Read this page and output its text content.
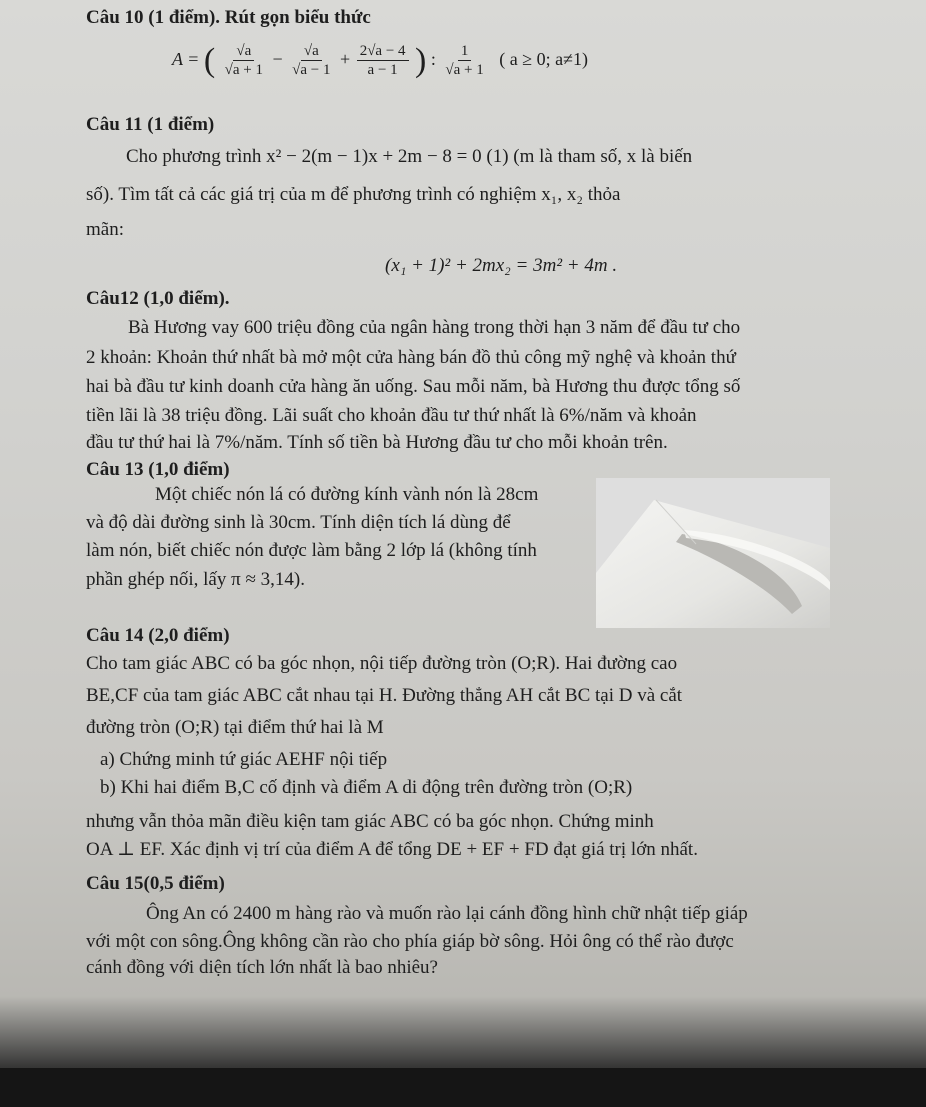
Câu 10 (1 điểm). Rút gọn biểu thức
A = ( $\frac{√a}{√a + 1} - \frac{√a}{√a - 1} + \frac{2√a - 4}{a - 1}$ ) : $\frac{1}{√a + 1}$ ( a ≥ 0; a≠1)
Câu 11 (1 điểm)
Cho phương trình x² − 2(m − 1)x + 2m − 8 = 0 (1) (m là tham số, x là biến
số). Tìm tất cả các giá trị của m để phương trình có nghiệm x₁, x₂ thỏa
mãn:
(x₁ + 1)² + 2mx₂ = 3m² + 4m .
Câu12 (1,0 điểm).
Bà Hương vay 600 triệu đồng của ngân hàng trong thời hạn 3 năm để đầu tư cho
2 khoản: Khoản thứ nhất bà mở một cửa hàng bán đồ thủ công mỹ nghệ và khoản thứ
hai bà đầu tư kinh doanh cửa hàng ăn uống. Sau mỗi năm, bà Hương thu được tổng số
tiền lãi là 38 triệu đồng. Lãi suất cho khoản đầu tư thứ nhất là 6%/năm và khoản
đầu tư thứ hai là 7%/năm. Tính số tiền bà Hương đầu tư cho mỗi khoản trên.
Câu 13 (1,0 điểm)
Một chiếc nón lá có đường kính vành nón là 28cm
và độ dài đường sinh là 30cm. Tính diện tích lá dùng để
làm nón, biết chiếc nón được làm bằng 2 lớp lá (không tính
phần ghép nối, lấy π ≈ 3,14).
Câu 14 (2,0 điểm)
Cho tam giác ABC có ba góc nhọn, nội tiếp đường tròn (O;R). Hai đường cao
BE,CF của tam giác ABC cắt nhau tại H. Đường thẳng AH cắt BC tại D và cắt
đường tròn (O;R) tại điểm thứ hai là M
a) Chứng minh tứ giác AEHF nội tiếp
b) Khi hai điểm B,C cố định và điểm A di động trên đường tròn (O;R)
nhưng vẫn thỏa mãn điều kiện tam giác ABC có ba góc nhọn. Chứng minh
OA ⊥ EF. Xác định vị trí của điểm A để tổng DE + EF + FD đạt giá trị lớn nhất.
Câu 15(0,5 điểm)
Ông An có 2400 m hàng rào và muốn rào lại cánh đồng hình chữ nhật tiếp giáp
với một con sông.Ông không cần rào cho phía giáp bờ sông. Hỏi ông có thể rào được
cánh đồng với diện tích lớn nhất là bao nhiêu?
